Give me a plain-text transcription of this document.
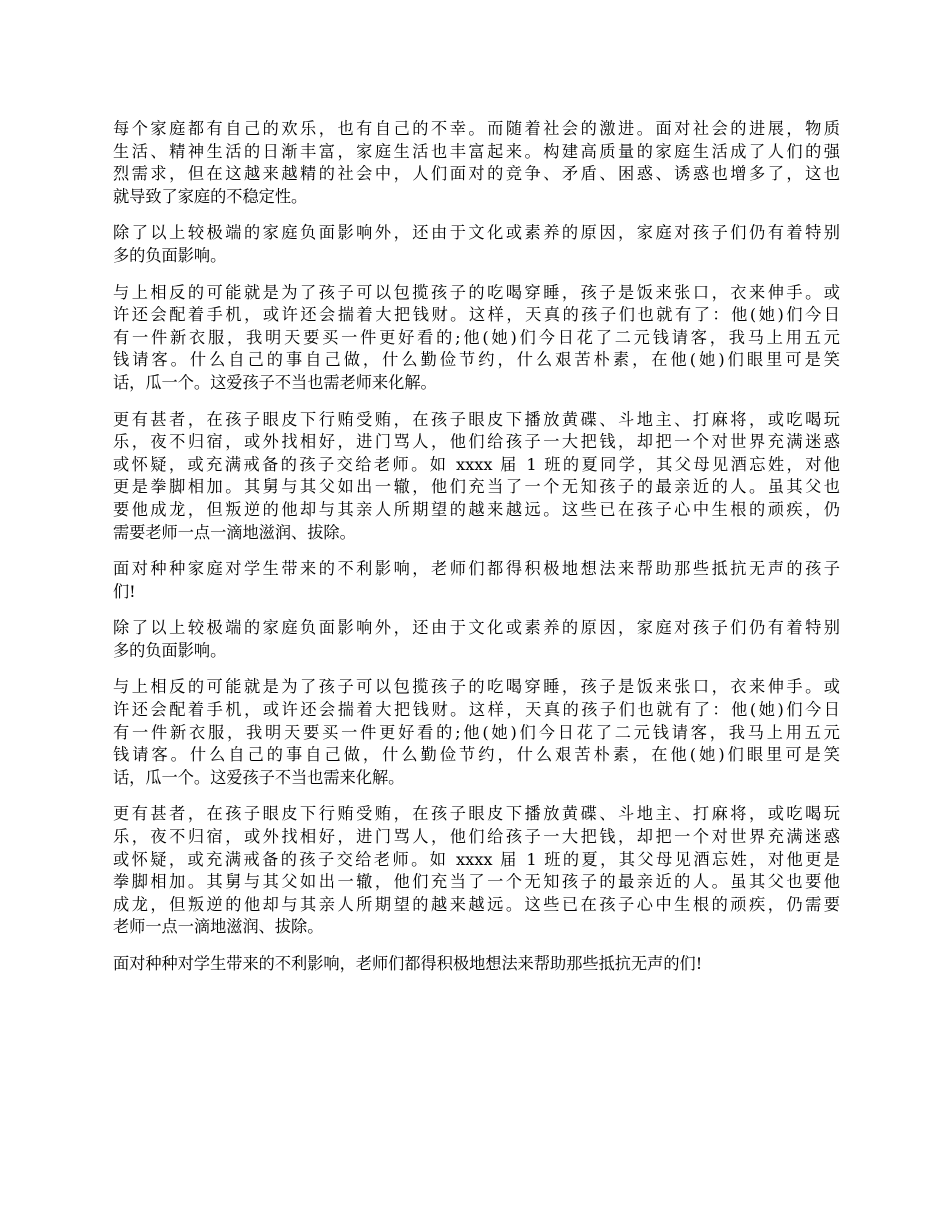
每个家庭都有自己的欢乐，也有自己的不幸。而随着社会的激进。面对社会的进展，物质
生活、精神生活的日渐丰富，家庭生活也丰富起来。构建高质量的家庭生活成了人们的强
烈需求，但在这越来越精的社会中，人们面对的竞争、矛盾、困惑、诱惑也增多了，这也
就导致了家庭的不稳定性。
除了以上较极端的家庭负面影响外，还由于文化或素养的原因，家庭对孩子们仍有着特别
多的负面影响。
与上相反的可能就是为了孩子可以包揽孩子的吃喝穿睡，孩子是饭来张口，衣来伸手。或
许还会配着手机，或许还会揣着大把钱财。这样，天真的孩子们也就有了：他(她)们今日
有一件新衣服，我明天要买一件更好看的;他(她)们今日花了二元钱请客，我马上用五元
钱请客。什么自己的事自己做，什么勤俭节约，什么艰苦朴素，在他(她)们眼里可是笑
话，瓜一个。这爱孩子不当也需老师来化解。
更有甚者，在孩子眼皮下行贿受贿，在孩子眼皮下播放黄碟、斗地主、打麻将，或吃喝玩
乐，夜不归宿，或外找相好，进门骂人，他们给孩子一大把钱，却把一个对世界充满迷惑
或怀疑，或充满戒备的孩子交给老师。如 xxxx 届 1 班的夏同学，其父母见酒忘姓，对他
更是拳脚相加。其舅与其父如出一辙，他们充当了一个无知孩子的最亲近的人。虽其父也
要他成龙，但叛逆的他却与其亲人所期望的越来越远。这些已在孩子心中生根的顽疾，仍
需要老师一点一滴地滋润、拔除。
面对种种家庭对学生带来的不利影响，老师们都得积极地想法来帮助那些抵抗无声的孩子
们!
除了以上较极端的家庭负面影响外，还由于文化或素养的原因，家庭对孩子们仍有着特别
多的负面影响。
与上相反的可能就是为了孩子可以包揽孩子的吃喝穿睡，孩子是饭来张口，衣来伸手。或
许还会配着手机，或许还会揣着大把钱财。这样，天真的孩子们也就有了：他(她)们今日
有一件新衣服，我明天要买一件更好看的;他(她)们今日花了二元钱请客，我马上用五元
钱请客。什么自己的事自己做，什么勤俭节约，什么艰苦朴素，在他(她)们眼里可是笑
话，瓜一个。这爱孩子不当也需来化解。
更有甚者，在孩子眼皮下行贿受贿，在孩子眼皮下播放黄碟、斗地主、打麻将，或吃喝玩
乐，夜不归宿，或外找相好，进门骂人，他们给孩子一大把钱，却把一个对世界充满迷惑
或怀疑，或充满戒备的孩子交给老师。如 xxxx 届 1 班的夏，其父母见酒忘姓，对他更是
拳脚相加。其舅与其父如出一辙，他们充当了一个无知孩子的最亲近的人。虽其父也要他
成龙，但叛逆的他却与其亲人所期望的越来越远。这些已在孩子心中生根的顽疾，仍需要
老师一点一滴地滋润、拔除。
面对种种对学生带来的不利影响，老师们都得积极地想法来帮助那些抵抗无声的们!
